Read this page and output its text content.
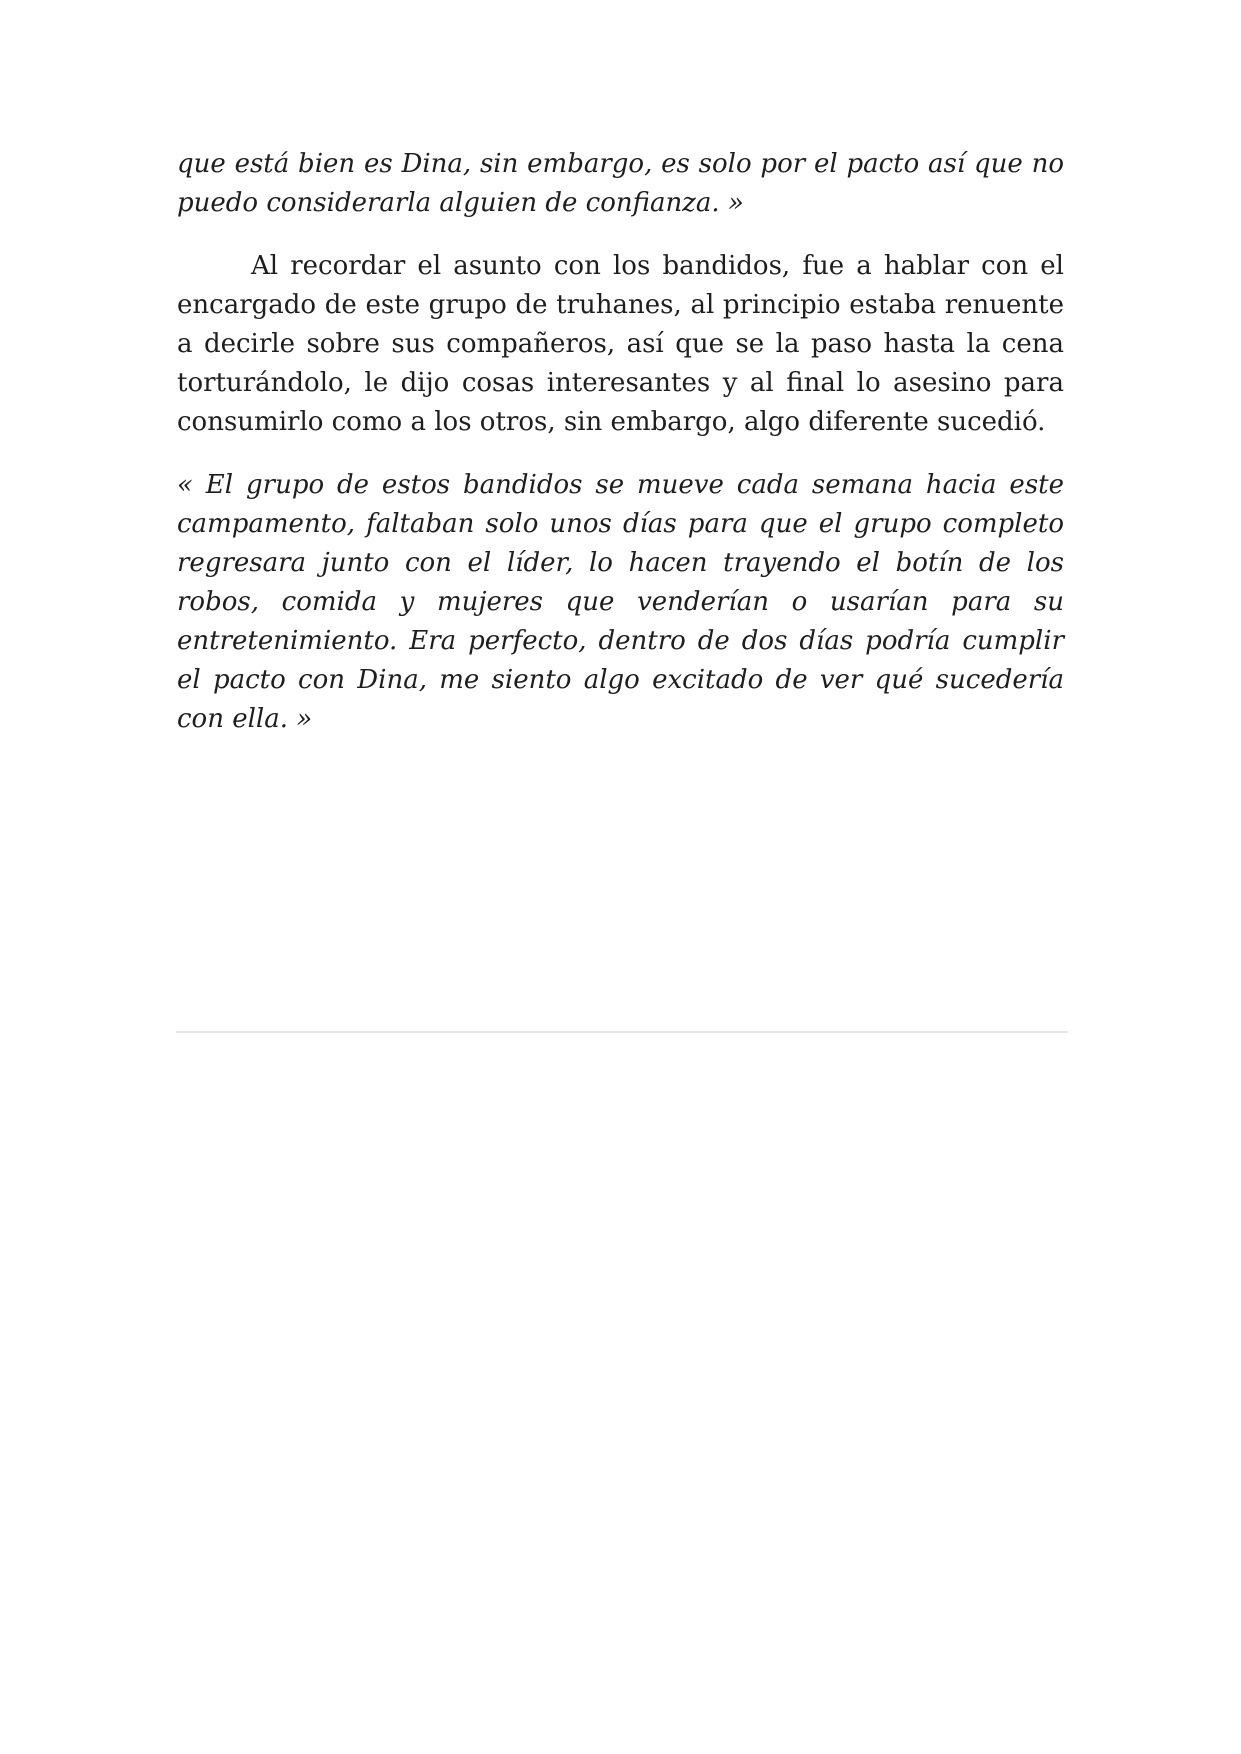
que está bien es Dina, sin embargo, es solo por el pacto así que no puedo considerarla alguien de confianza. »

Al recordar el asunto con los bandidos, fue a hablar con el encargado de este grupo de truhanes, al principio estaba renuente a decirle sobre sus compañeros, así que se la paso hasta la cena torturándolo, le dijo cosas interesantes y al final lo asesino para consumirlo como a los otros, sin embargo, algo diferente sucedió.

« El grupo de estos bandidos se mueve cada semana hacia este campamento, faltaban solo unos días para que el grupo completo regresara junto con el líder, lo hacen trayendo el botín de los robos, comida y mujeres que venderían o usarían para su entretenimiento. Era perfecto, dentro de dos días podría cumplir el pacto con Dina, me siento algo excitado de ver qué sucedería con ella. »
